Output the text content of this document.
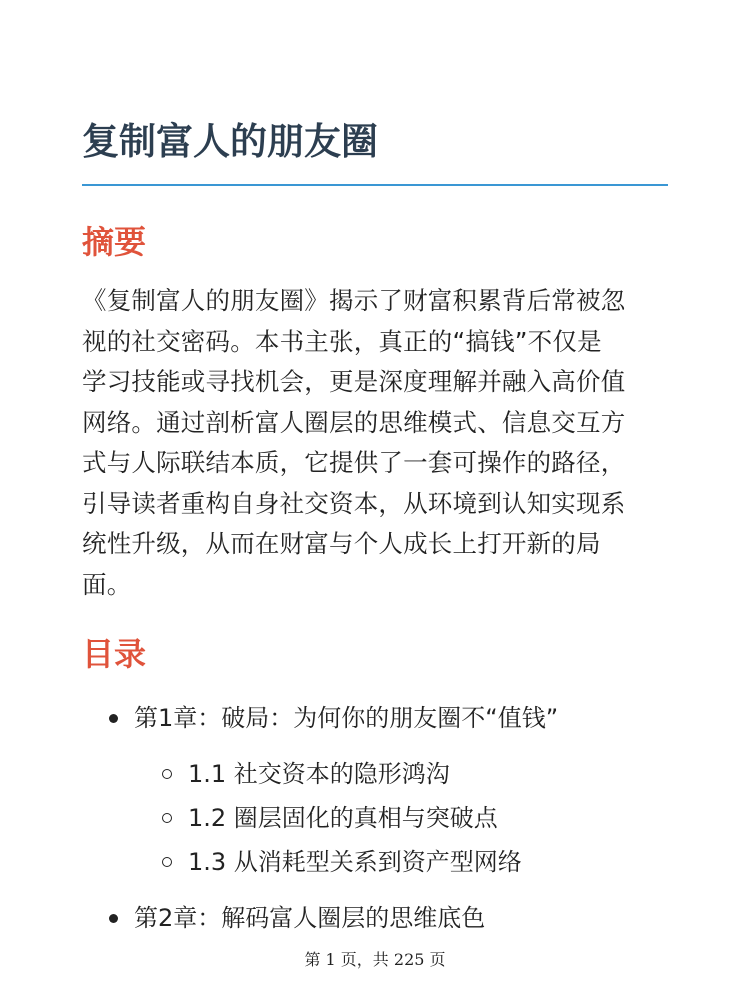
复制富人的朋友圈
摘要

《复制富人的朋友圈》揭示了财富积累背后常被忽
视的社交密码。本书主张，真正的“搞钱”不仅是
学习技能或寻找机会，更是深度理解并融入高价值
网络。通过剖析富人圈层的思维模式、信息交互方
式与人际联结本质，它提供了一套可操作的路径，
引导读者重构自身社交资本，从环境到认知实现系
统性升级，从而在财富与个人成长上打开新的局
面。

目录
第1章：破局：为何你的朋友圈不“值钱”
1.1 社交资本的隐形鸿沟
1.2 圈层固化的真相与突破点
1.3 从消耗型关系到资产型网络
第2章：解码富人圈层的思维底色
第 1 页，共 225 页
